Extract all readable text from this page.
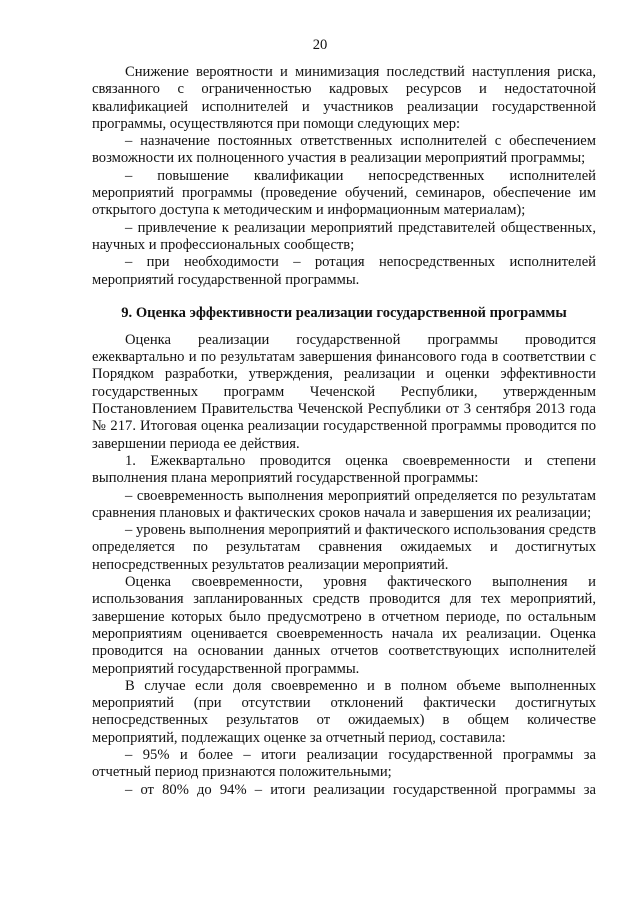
20

Снижение вероятности и минимизация последствий наступления риска, связанного с ограниченностью кадровых ресурсов и недостаточной квалификацией исполнителей и участников реализации государственной программы, осуществляются при помощи следующих мер:

– назначение постоянных ответственных исполнителей с обеспечением возможности их полноценного участия в реализации мероприятий программы;

– повышение квалификации непосредственных исполнителей мероприятий программы (проведение обучений, семинаров, обеспечение им открытого доступа к методическим и информационным материалам);

– привлечение к реализации мероприятий представителей общественных, научных и профессиональных сообществ;

– при необходимости – ротация непосредственных исполнителей мероприятий государственной программы.

9. Оценка эффективности реализации государственной программы

Оценка реализации государственной программы проводится ежеквартально и по результатам завершения финансового года в соответствии с Порядком разработки, утверждения, реализации и оценки эффективности государственных программ Чеченской Республики, утвержденным Постановлением Правительства Чеченской Республики от 3 сентября 2013 года № 217. Итоговая оценка реализации государственной программы проводится по завершении периода ее действия.

1. Ежеквартально проводится оценка своевременности и степени выполнения плана мероприятий государственной программы:

– своевременность выполнения мероприятий определяется по результатам сравнения плановых и фактических сроков начала и завершения их реализации;

– уровень выполнения мероприятий и фактического использования средств определяется по результатам сравнения ожидаемых и достигнутых непосредственных результатов реализации мероприятий.

Оценка своевременности, уровня фактического выполнения и использования запланированных средств проводится для тех мероприятий, завершение которых было предусмотрено в отчетном периоде, по остальным мероприятиям оценивается своевременность начала их реализации. Оценка проводится на основании данных отчетов соответствующих исполнителей мероприятий государственной программы.

В случае если доля своевременно и в полном объеме выполненных мероприятий (при отсутствии отклонений фактически достигнутых непосредственных результатов от ожидаемых) в общем количестве мероприятий, подлежащих оценке за отчетный период, составила:

– 95% и более – итоги реализации государственной программы за отчетный период признаются положительными;

– от 80% до 94% – итоги реализации государственной программы за
